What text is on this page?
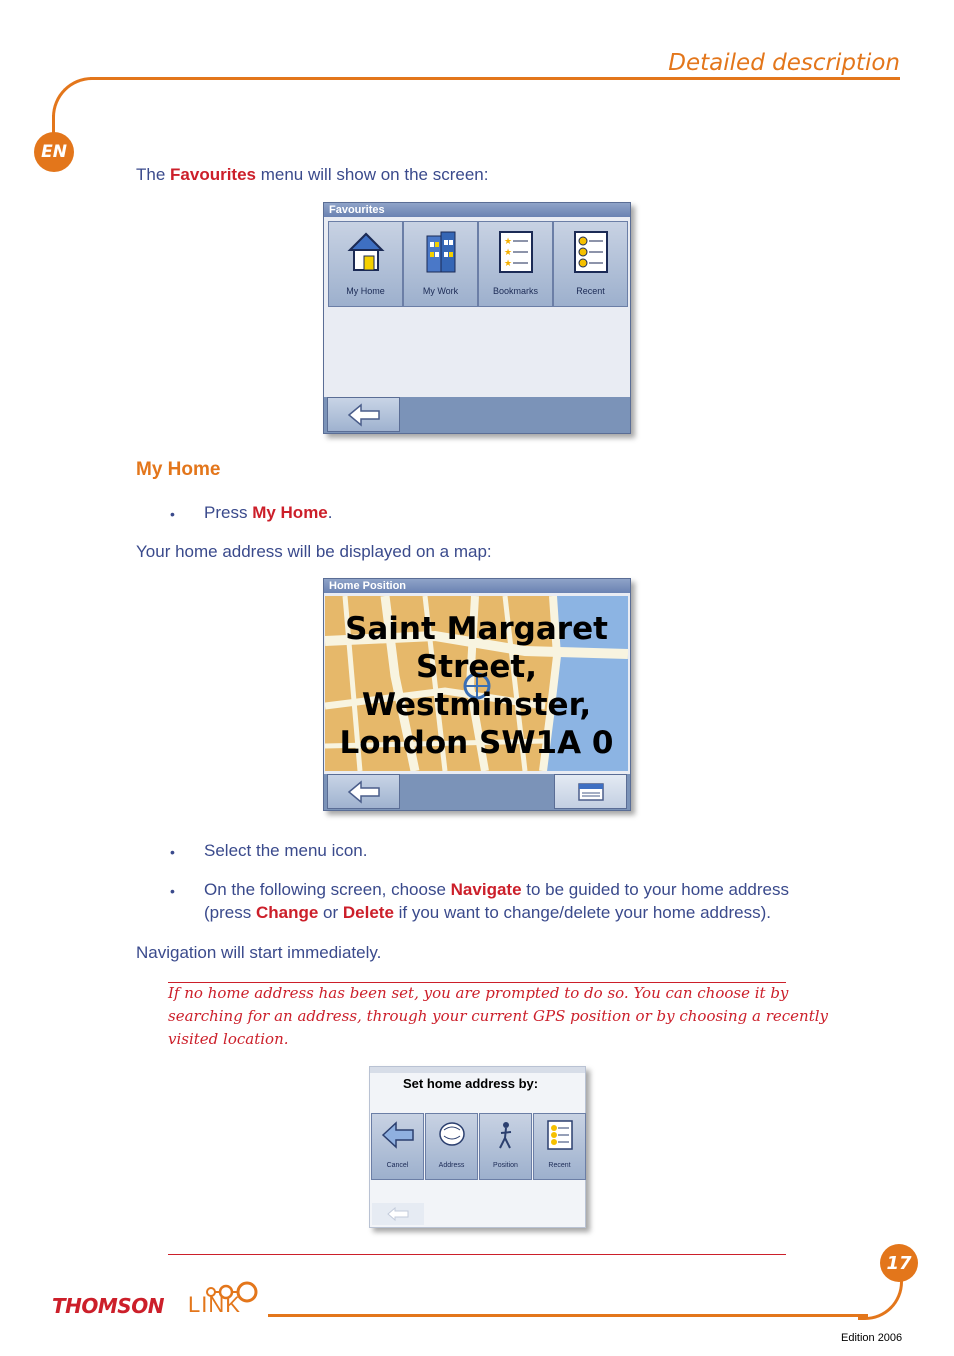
Detailed description
EN
The Favourites menu will show on the screen:
Favourites
My Home	My Work
★
★
★
Bookmarks	Recent
My Home
• Press My Home.
Your home address will be displayed on a map:
Home Position
Saint Margaret
Street,
Westminster,
London SW1A 0
• Select the menu icon.
• On the following screen, choose Navigate to be guided to your home address
(press Change or Delete if you want to change/delete your home address).
Navigation will start immediately.
If no home address has been set, you are prompted to do so. You can choose it by
searching for an address, through your current GPS position or by choosing a recently
visited location.
Set home address by:
Cancel	Address	Position	Recent
17
THOMSON LINK
Edition 2006
